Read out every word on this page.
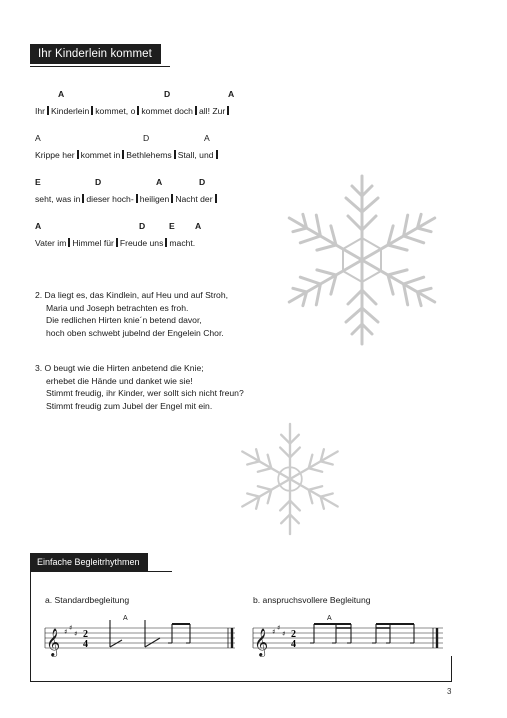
Ihr Kinderlein kommet
A	D	A
Ihr Kinderlein kommet, o kommet doch all! Zur
A	D	A
Krippe her kommet in Bethlehems Stall, und
E	D	A	D
seht, was in dieser hoch- heiligen Nacht der
A	D	E A
Vater im Himmel für Freude uns macht.
2. Da liegt es, das Kindlein, auf Heu und auf Stroh,
Maria und Joseph betrachten es froh.
Die redlichen Hirten knie´n betend davor,
hoch oben schwebt jubelnd der Engelein Chor.
3. O beugt wie die Hirten anbetend die Knie;
erhebet die Hände und danket wie sie!
Stimmt freudig, ihr Kinder, wer sollt sich nicht freun?
Stimmt freudig zum Jubel der Engel mit ein.
Einfache Begleitrhythmen
a. Standardbegleitung	b. anspruchsvollere Begleitung
A
𝄞 ♯ ♯
♯ 2
4
A
𝄞 ♯ ♯
♯ 2
4
3
